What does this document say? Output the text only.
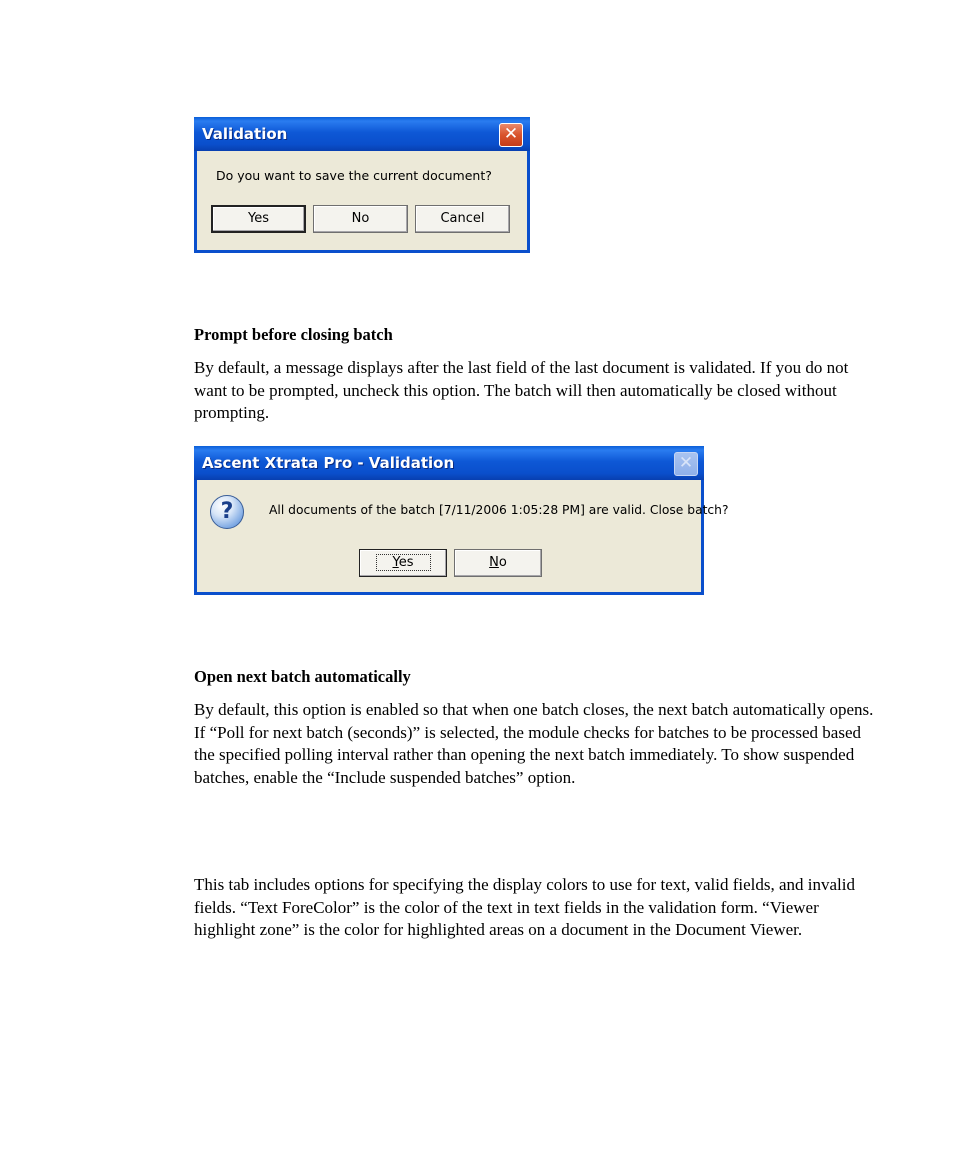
Validation	✕
Do you want to save the current document?
Yes	No	Cancel
Prompt before closing batch
By default, a message displays after the last field of the last document is validated. If you do not want to be prompted, uncheck this option. The batch will then automatically be closed without prompting.
Ascent Xtrata Pro - Validation	✕
?	All documents of the batch [7/11/2006 1:05:28 PM] are valid. Close batch?
Yes	No
Open next batch automatically
By default, this option is enabled so that when one batch closes, the next batch automatically opens. If “Poll for next batch (seconds)” is selected, the module checks for batches to be processed based the specified polling interval rather than opening the next batch immediately. To show suspended batches, enable the “Include suspended batches” option.
This tab includes options for specifying the display colors to use for text, valid fields, and invalid fields. “Text ForeColor” is the color of the text in text fields in the validation form. “Viewer highlight zone” is the color for highlighted areas on a document in the Document Viewer.
